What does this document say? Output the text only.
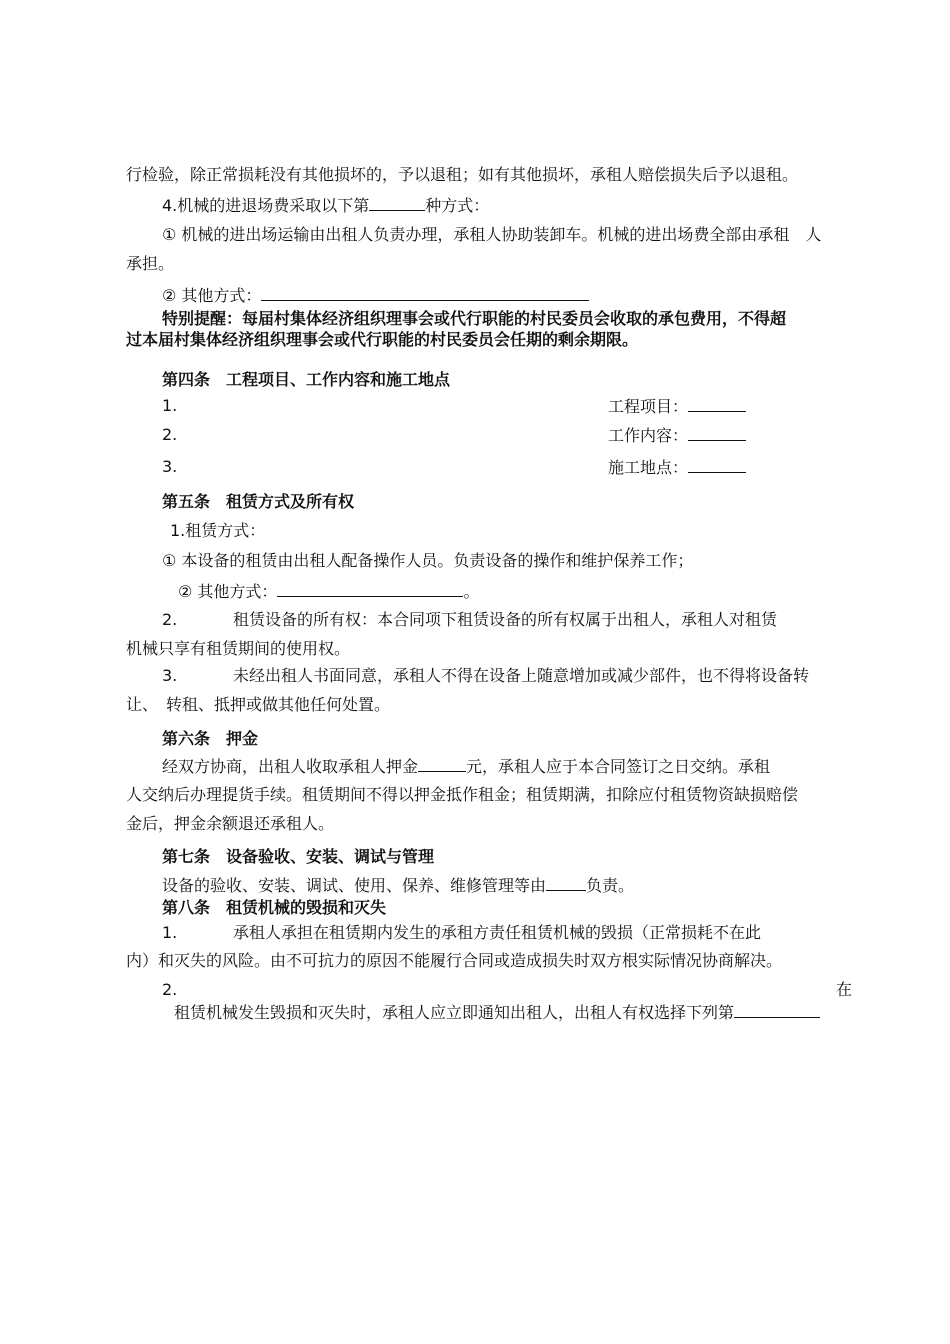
行检验，除正常损耗没有其他损坏的，予以退租；如有其他损坏，承租人赔偿损失后予以退租。
4.机械的进退场费采取以下第	种方式：
① 机械的进出场运输由出租人负责办理，承租人协助装卸车。机械的进出场费全部由承租　人
承担。
② 其他方式：
特别提醒：每届村集体经济组织理事会或代行职能的村民委员会收取的承包费用，不得超
过本届村集体经济组织理事会或代行职能的村民委员会任期的剩余期限。
第四条　工程项目、工作内容和施工地点
1.	工程项目：
2.	工作内容：
3.	施工地点：
第五条　租赁方式及所有权
1.租赁方式：
① 本设备的租赁由出租人配备操作人员。负责设备的操作和维护保养工作；
② 其他方式：	。
2.	租赁设备的所有权：本合同项下租赁设备的所有权属于出租人，承租人对租赁
机械只享有租赁期间的使用权。
3.	未经出租人书面同意，承租人不得在设备上随意增加或减少部件，也不得将设备转
让、　转租、抵押或做其他任何处置。
第六条　押金
经双方协商，出租人收取承租人押金	元，承租人应于本合同签订之日交纳。承租
人交纳后办理提货手续。租赁期间不得以押金抵作租金；租赁期满，扣除应付租赁物资缺损赔偿
金后，押金余额退还承租人。
第七条　设备验收、安装、调试与管理
设备的验收、安装、调试、使用、保养、维修管理等由	负责。
第八条　租赁机械的毁损和灭失
1.	承租人承担在租赁期内发生的承租方责任租赁机械的毁损（正常损耗不在此
内）和灭失的风险。由不可抗力的原因不能履行合同或造成损失时双方根实际情况协商解决。
2.	在
租赁机械发生毁损和灭失时，承租人应立即通知出租人，出租人有权选择下列第
